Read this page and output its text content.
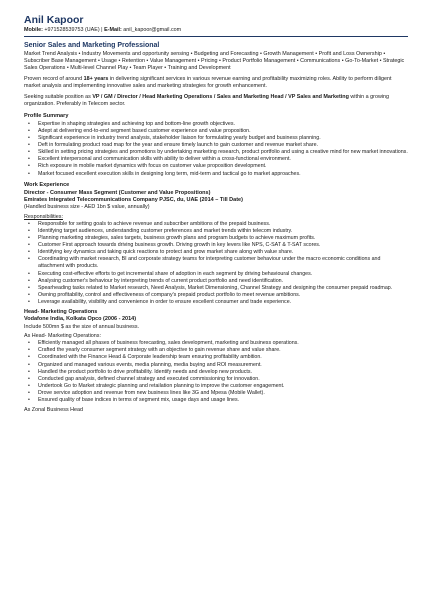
Anil Kapoor
Mobile: +971528539753 (UAE) | E-Mail: anil_kapoor@gmail.com
Senior Sales and Marketing Professional

Market Trend Analysis • Industry Movements and opportunity sensing • Budgeting and Forecasting • Growth Management • Profit and Loss Ownership • Subscriber Base Management • Usage • Retention • Value Management • Pricing • Product Portfolio Management • Communications • Go-To-Market • Strategic Sales Operations • Multi-level Channel Play • Team Player • Training and Development

Proven record of around 18+ years in delivering significant services in various revenue earning and profitability maximizing roles. Ability to perform diligent market analysis and implementing innovative sales and marketing strategies for growth enhancement.

Seeking suitable position as VP / GM / Director / Head Marketing Operations / Sales and Marketing Head / VP Sales and Marketing within a growing organization. Preferably in Telecom sector.

Profile Summary
• Expertise in shaping strategies and achieving top and bottom-line growth objectives.
• Adept at delivering end-to-end segment based customer experience and value proposition.
• Significant experience in industry trend analysis, stakeholder liaison for formulating yearly budget and business planning.
• Deft in formulating product road map for the year and ensure timely launch to gain customer and revenue market share.
• Skilled in setting pricing strategies and promotions by undertaking marketing research, product portfolio and using a creative mind for new market innovations.
• Excellent interpersonal and communication skills with ability to deliver within a cross-functional environment.
• Rich exposure in mobile market dynamics with focus on customer value proposition development.
• Market focused excellent execution skills in designing long term, mid-term and tactical go to market approaches.
Work Experience
Director - Consumer Mass Segment (Customer and Value Propositions)
Emirates Integrated Telecommunications Company PJSC, du, UAE (2014 – Till Date)
(Handled business size - AED 1bn $ value, annually)
Responsibilities:
• Responsible for setting goals to achieve revenue and subscriber ambitions of the prepaid business.
• Identifying target audiences, understanding customer preferences and market trends within telecom industry.
• Planning marketing strategies, sales targets, business growth plans and program budgets to achieve maximum profits.
• Customer First approach towards driving business growth. Driving growth in key levers like NPS, C-SAT & T-SAT scores.
• Identifying key dynamics and taking quick reactions to protect and grow market share along with value share.
• Coordinating with market research, BI and corporate strategy teams for interpreting customer behaviour under the macro economic conditions and attachment with products.
• Executing cost-effective efforts to get incremental share of adoption in each segment by driving behavioural changes.
• Analysing customer's behaviour by interpreting trends of current product portfolio and need identification.
• Spearheading tasks related to Market research, Need Analysis, Market Dimensioning, Channel Strategy and designing the consumer prepaid roadmap.
• Owning profitability, control and effectiveness of company's prepaid product portfolio to meet revenue ambitions.
• Leverage availability, visibility and convenience in order to ensure excellent consumer and trade experience.
Head- Marketing Operations
Vodafone India, Kolkata Opco (2006 - 2014)
Include 500mn $ as the size of annual business.
As Head- Marketing Operations:
• Efficiently managed all phases of business forecasting, sales development, marketing and business operations.
• Crafted the yearly consumer segment strategy with an objective to gain revenue share and value share.
• Coordinated with the Finance Head & Corporate leadership team ensuring profitability ambition.
• Organized and managed various events, media planning, media buying and ROI measurement.
• Handled the product portfolio to drive profitability. Identify needs and develop new products.
• Conducted gap analysis, defined channel strategy and executed commissioning for innovation.
• Undertook Go to Market strategic planning and retailation planning to improve the customer engagement.
• Drove service adoption and revenue from new business lines like 3G and Mpesa (Mobile Wallet).
• Ensured quality of base indices in terms of segment mix, usage days and usage lines.
As Zonal Business Head
